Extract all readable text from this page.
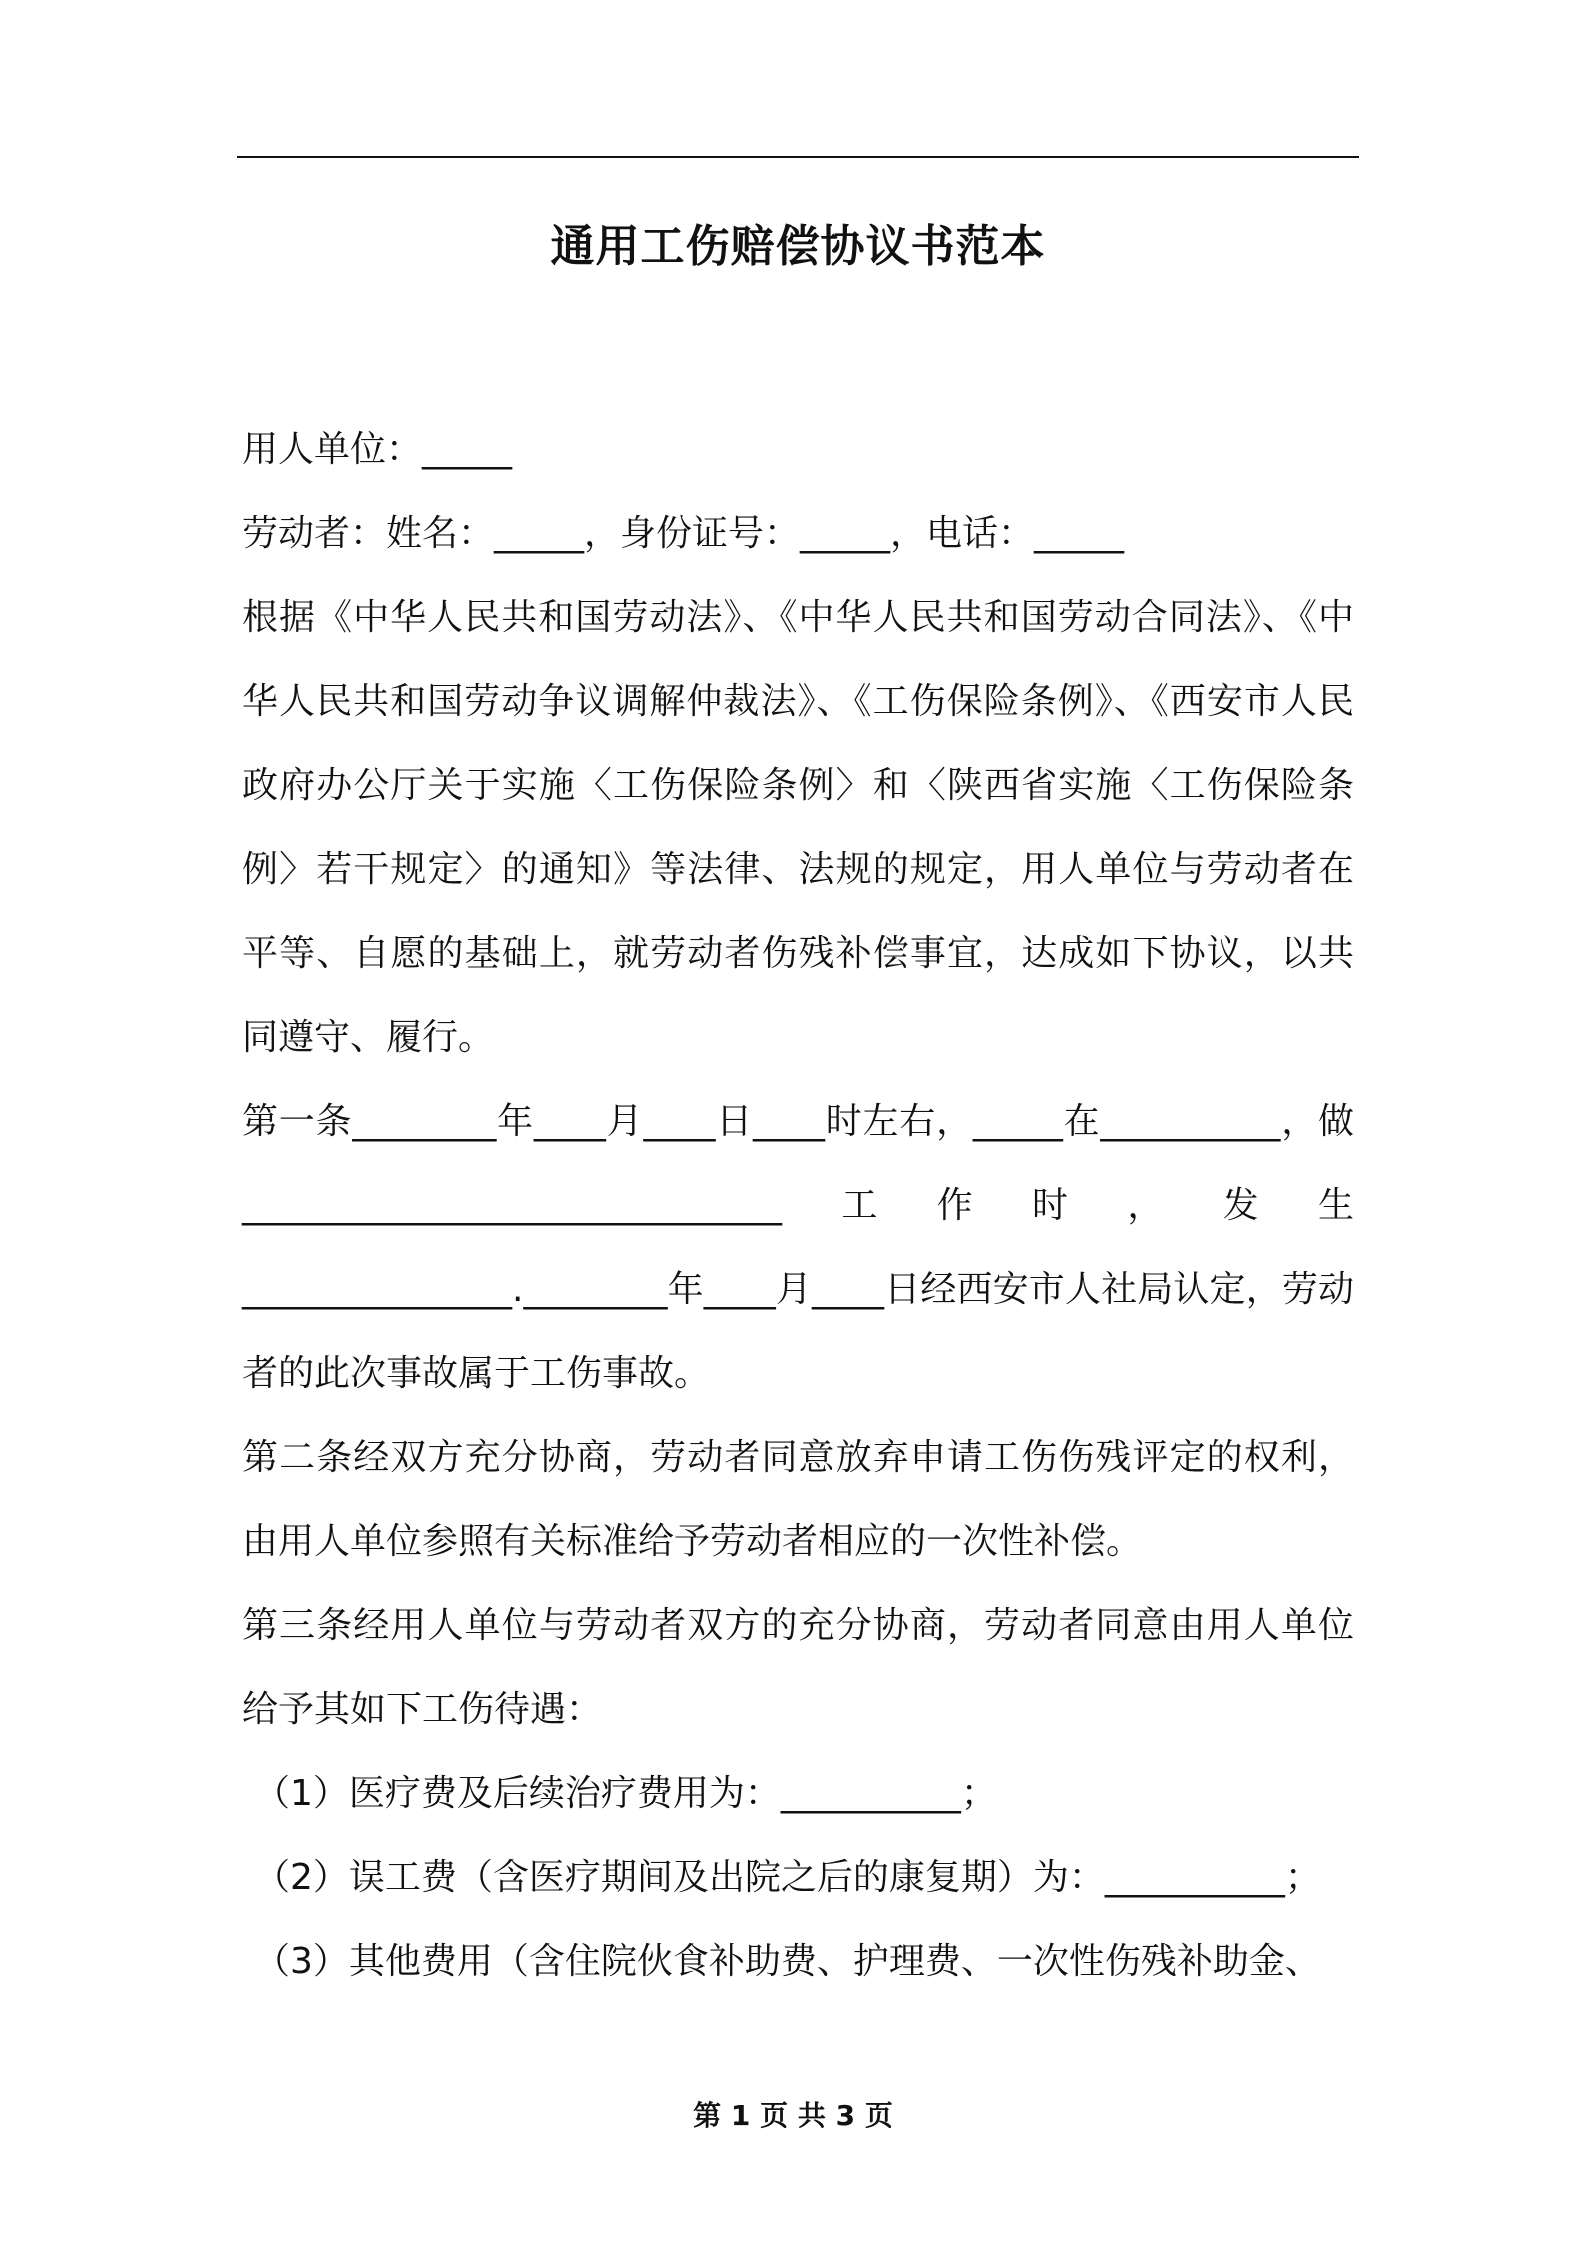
通用工伤赔偿协议书范本

用人单位：_____

劳动者：姓名：_____，身份证号：_____，电话：_____

根据《中华人民共和国劳动法》、《中华人民共和国劳动合同法》、《中华人民共和国劳动争议调解仲裁法》、《工伤保险条例》、《西安市人民政府办公厅关于实施〈工伤保险条例〉和〈陕西省实施〈工伤保险条例〉若干规定〉的通知》等法律、法规的规定，用人单位与劳动者在平等、自愿的基础上，就劳动者伤残补偿事宜，达成如下协议，以共同遵守、履行。

第一条________年____月____日____时左右，_____在__________，做______________________________工作时，发生_______________.________年____月____日经西安市人社局认定，劳动者的此次事故属于工伤事故。

第二条经双方充分协商，劳动者同意放弃申请工伤伤残评定的权利，由用人单位参照有关标准给予劳动者相应的一次性补偿。

第三条经用人单位与劳动者双方的充分协商，劳动者同意由用人单位给予其如下工伤待遇：

（1）医疗费及后续治疗费用为：__________；

（2）误工费（含医疗期间及出院之后的康复期）为：__________；

（3）其他费用（含住院伙食补助费、护理费、一次性伤残补助金、

第 1 页 共 3 页
